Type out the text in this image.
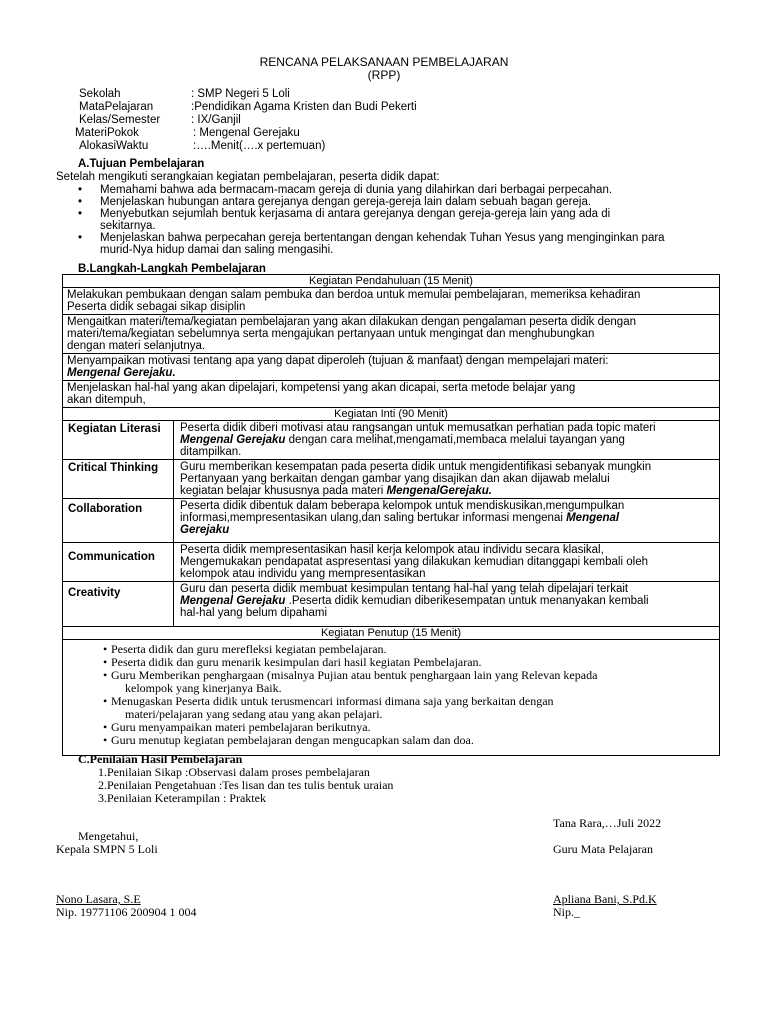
RENCANA PELAKSANAAN PEMBELAJARAN
(RPP)
Sekolah	: SMP Negeri 5 Loli
MataPelajaran	:Pendidikan Agama Kristen dan Budi Pekerti
Kelas/Semester	: IX/Ganjil
MateriPokok	: Mengenal Gerejaku
AlokasiWaktu	:….Menit(….x pertemuan)
A.Tujuan Pembelajaran
Setelah mengikuti serangkaian kegiatan pembelajaran, peserta didik dapat:
• Memahami bahwa ada bermacam-macam gereja di dunia yang dilahirkan dari berbagai perpecahan.
• Menjelaskan hubungan antara gerejanya dengan gereja-gereja lain dalam sebuah bagan gereja.
• Menyebutkan sejumlah bentuk kerjasama di antara gerejanya dengan gereja-gereja lain yang ada di
sekitarnya.
• Menjelaskan bahwa perpecahan gereja bertentangan dengan kehendak Tuhan Yesus yang menginginkan para
murid-Nya hidup damai dan saling mengasihi.
B.Langkah-Langkah Pembelajaran
Kegiatan Pendahuluan (15 Menit)
Melakukan pembukaan dengan salam pembuka dan berdoa untuk memulai pembelajaran, memeriksa kehadiran
Peserta didik sebagai sikap disiplin
Mengaitkan materi/tema/kegiatan pembelajaran yang akan dilakukan dengan pengalaman peserta didik dengan
materi/tema/kegiatan sebelumnya serta mengajukan pertanyaan untuk mengingat dan menghubungkan
dengan materi selanjutnya.
Menyampaikan motivasi tentang apa yang dapat diperoleh (tujuan & manfaat) dengan mempelajari materi:
Mengenal Gerejaku.
Menjelaskan hal-hal yang akan dipelajari, kompetensi yang akan dicapai, serta metode belajar yang
akan ditempuh,
Kegiatan Inti (90 Menit)
Kegiatan Literasi	Peserta didik diberi motivasi atau rangsangan untuk memusatkan perhatian pada topic materi
Mengenal Gerejaku dengan cara melihat,mengamati,membaca melalui tayangan yang
ditampilkan.
Critical Thinking	Guru memberikan kesempatan pada peserta didik untuk mengidentifikasi sebanyak mungkin
Pertanyaan yang berkaitan dengan gambar yang disajikan dan akan dijawab melalui
kegiatan belajar khususnya pada materi MengenalGerejaku.
Collaboration	Peserta didik dibentuk dalam beberapa kelompok untuk mendiskusikan,mengumpulkan
informasi,mempresentasikan ulang,dan saling bertukar informasi mengenai Mengenal
Gerejaku
Communication
Peserta didik mempresentasikan hasil kerja kelompok atau individu secara klasikal,
Mengemukakan pendapatat aspresentasi yang dilakukan kemudian ditanggapi kembali oleh
kelompok atau individu yang mempresentasikan
Creativity	Guru dan peserta didik membuat kesimpulan tentang hal-hal yang telah dipelajari terkait
Mengenal Gerejaku .Peserta didik kemudian diberikesempatan untuk menanyakan kembali
hal-hal yang belum dipahami
Kegiatan Penutup (15 Menit)
• Peserta didik dan guru merefleksi kegiatan pembelajaran.
• Peserta didik dan guru menarik kesimpulan dari hasil kegiatan Pembelajaran.
• Guru Memberikan penghargaan (misalnya Pujian atau bentuk penghargaan lain yang Relevan kepada
kelompok yang kinerjanya Baik.
• Menugaskan Peserta didik untuk terusmencari informasi dimana saja yang berkaitan dengan
materi/pelajaran yang sedang atau yang akan pelajari.
• Guru menyampaikan materi pembelajaran berikutnya.
• Guru menutup kegiatan pembelajaran dengan mengucapkan salam dan doa.
C.Penilaian Hasil Pembelajaran
1.Penilaian Sikap :Observasi dalam proses pembelajaran
2.Penilaian Pengetahuan :Tes lisan dan tes tulis bentuk uraian
3.Penilaian Keterampilan : Praktek
Tana Rara,…Juli 2022
Mengetahui,
Kepala SMPN 5 Loli	Guru Mata Pelajaran
Nono Lasara, S.E
Nip. 19771106 200904 1 004
Apliana Bani, S.Pd.K
Nip._
